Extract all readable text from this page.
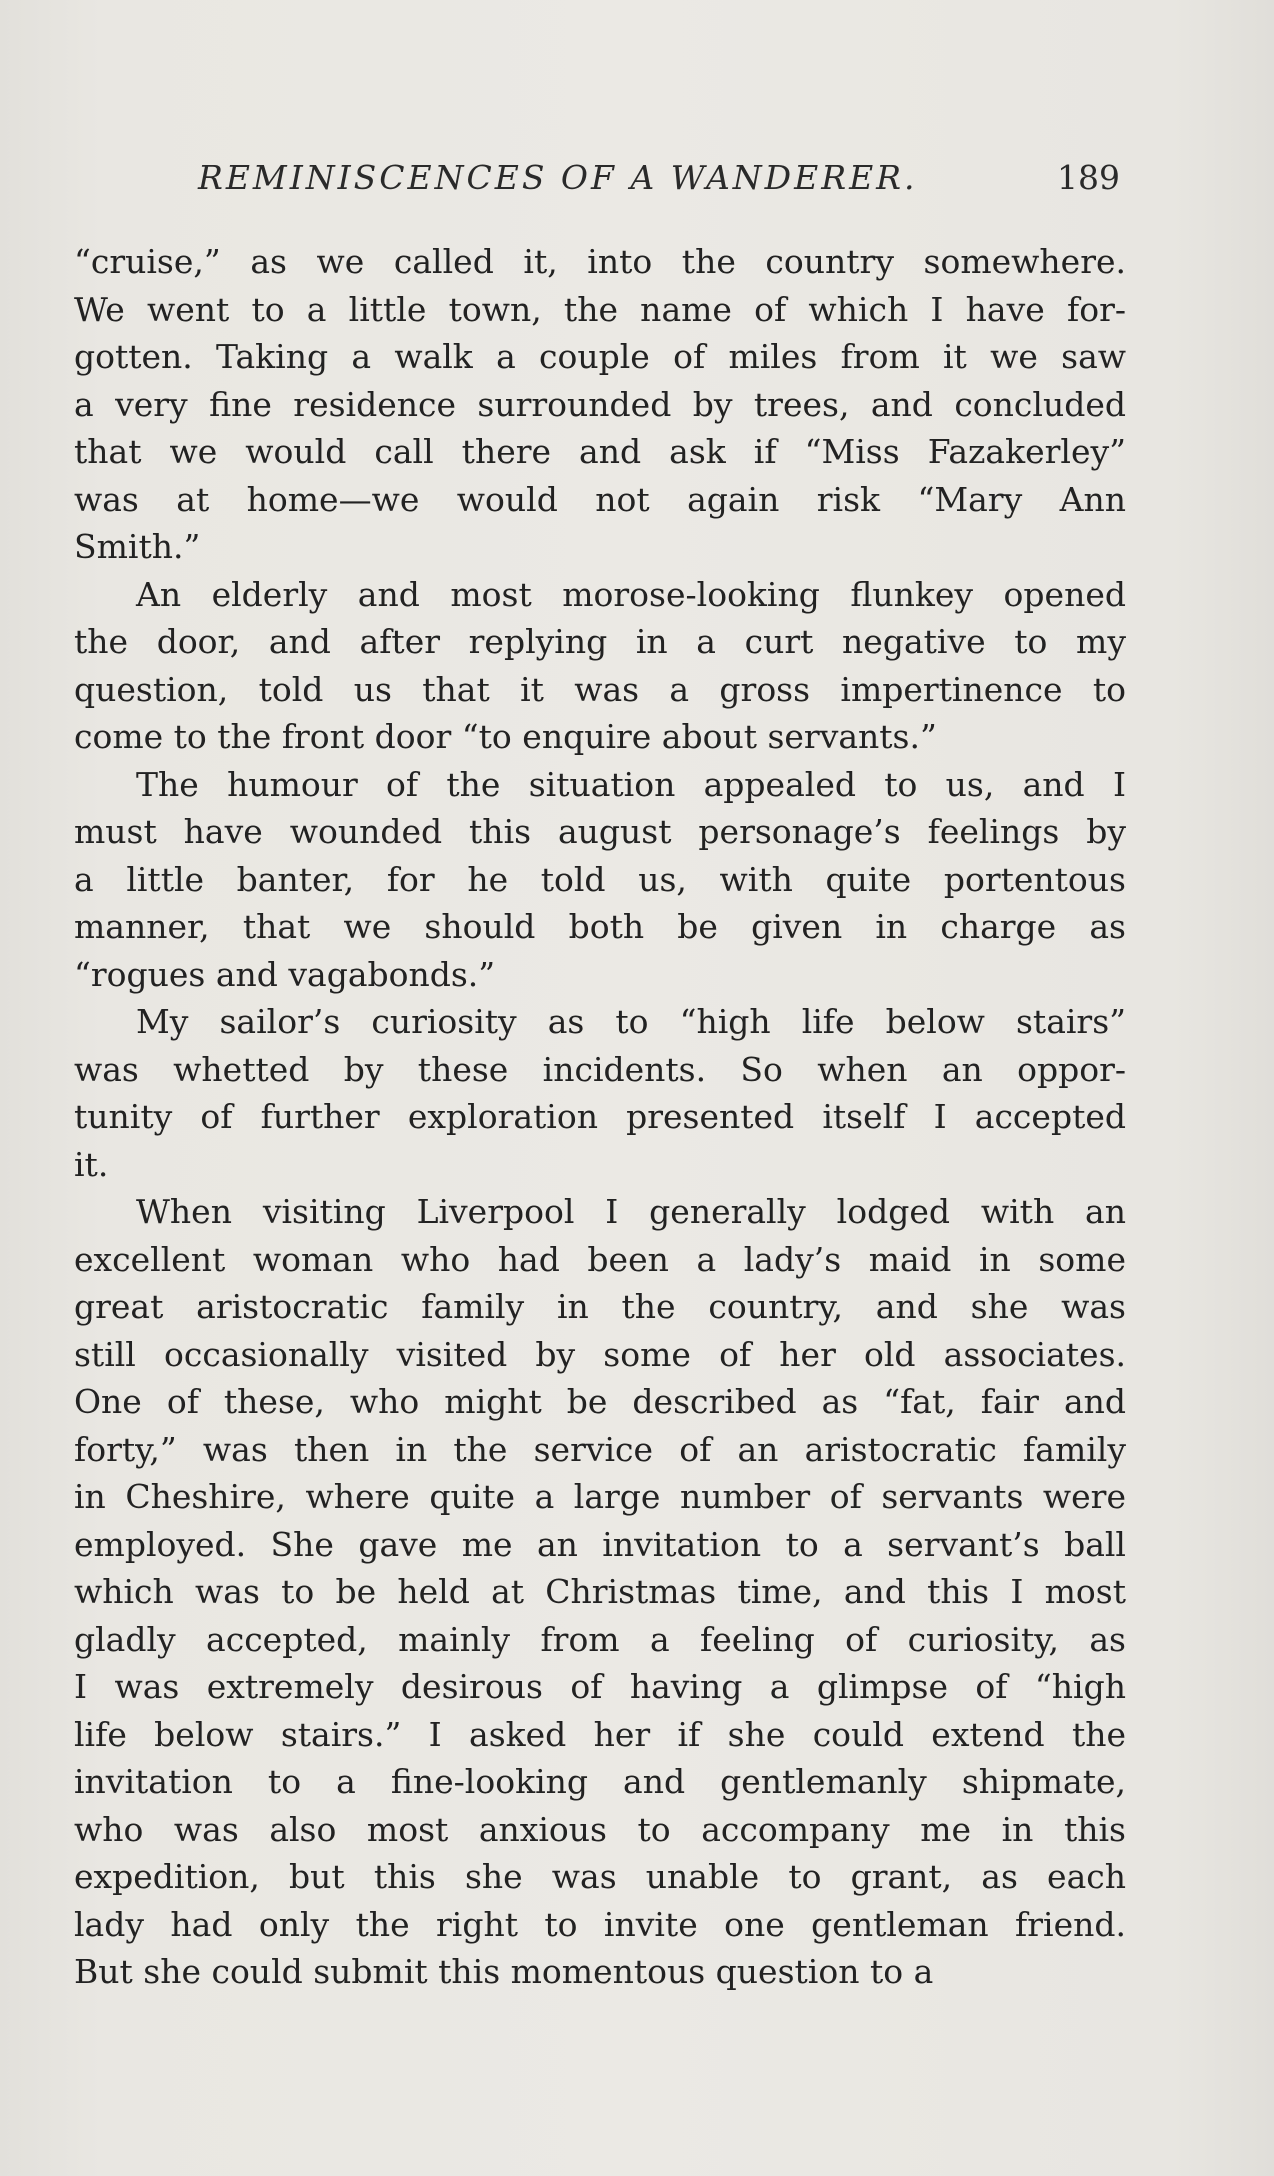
REMINISCENCES OF A WANDERER.	189
“cruise,” as we called it, into the country somewhere.
We went to a little town, the name of which I have for-
gotten. Taking a walk a couple of miles from it we saw
a very fine residence surrounded by trees, and concluded
that we would call there and ask if “Miss Fazakerley”
was at home—we would not again risk “Mary Ann
Smith.”
An elderly and most morose-looking flunkey opened
the door, and after replying in a curt negative to my
question, told us that it was a gross impertinence to
come to the front door “to enquire about servants.”
The humour of the situation appealed to us, and I
must have wounded this august personage’s feelings by
a little banter, for he told us, with quite portentous
manner, that we should both be given in charge as
“rogues and vagabonds.”
My sailor’s curiosity as to “high life below stairs”
was whetted by these incidents. So when an oppor-
tunity of further exploration presented itself I accepted
it.
When visiting Liverpool I generally lodged with an
excellent woman who had been a lady’s maid in some
great aristocratic family in the country, and she was
still occasionally visited by some of her old associates.
One of these, who might be described as “fat, fair and
forty,” was then in the service of an aristocratic family
in Cheshire, where quite a large number of servants were
employed. She gave me an invitation to a servant’s ball
which was to be held at Christmas time, and this I most
gladly accepted, mainly from a feeling of curiosity, as
I was extremely desirous of having a glimpse of “high
life below stairs.” I asked her if she could extend the
invitation to a fine-looking and gentlemanly shipmate,
who was also most anxious to accompany me in this
expedition, but this she was unable to grant, as each
lady had only the right to invite one gentleman friend.
But she could submit this momentous question to a
